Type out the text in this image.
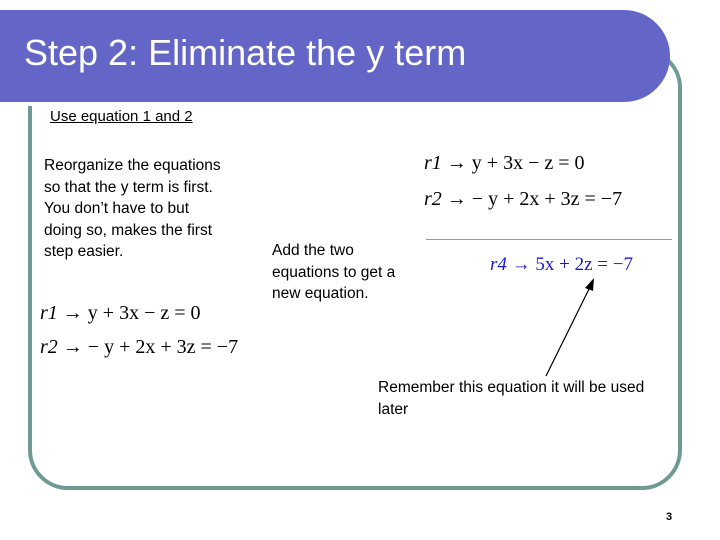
Step 2: Eliminate the y term
Use equation 1 and 2
Reorganize the equations so that the y term is first. You don’t have to but doing so, makes the first step easier.
r1 → y + 3x − z = 0
r2 → − y + 2x + 3z = −7
r1 → y + 3x − z = 0
r2 → − y + 2x + 3z = −7
r4 → 5x + 2z = −7
Add the two equations to get a new equation.
Remember this equation it will be used later
3
